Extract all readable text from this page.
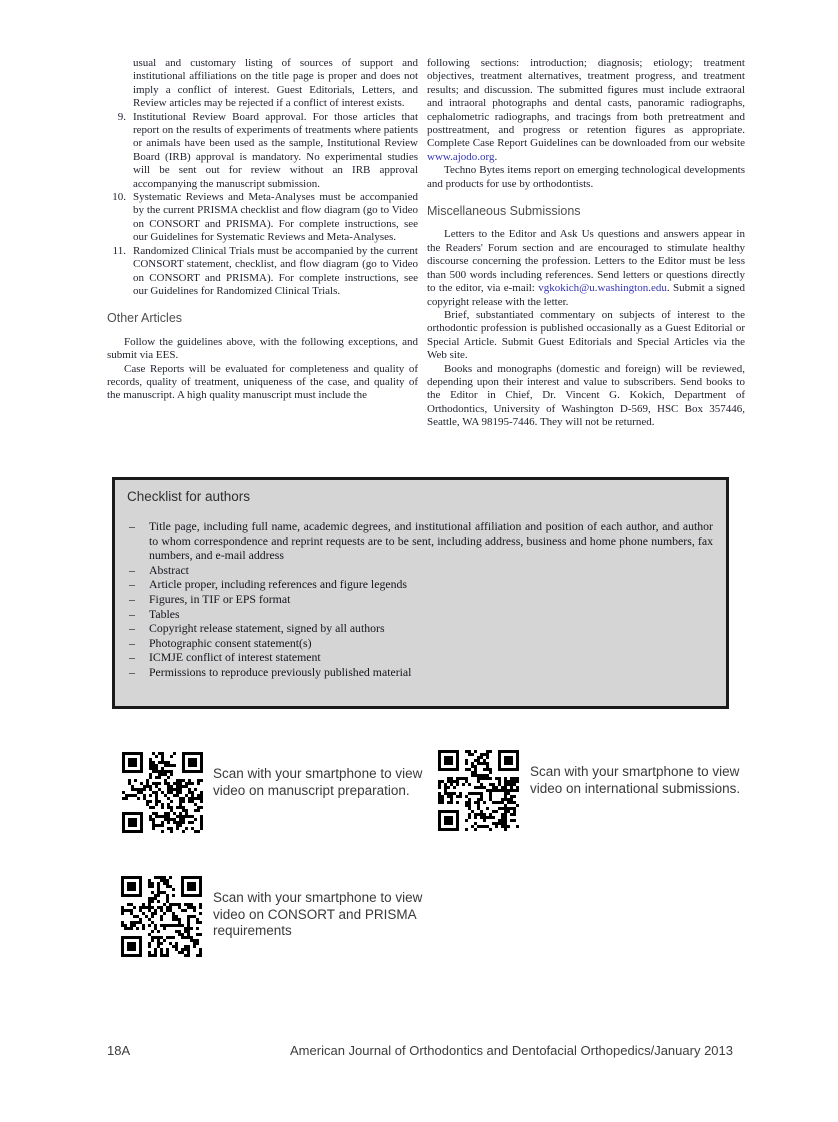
usual and customary listing of sources of support and institutional affiliations on the title page is proper and does not imply a conflict of interest. Guest Editorials, Letters, and Review articles may be rejected if a conflict of interest exists.
9. Institutional Review Board approval. For those articles that report on the results of experiments of treatments where patients or animals have been used as the sample, Institutional Review Board (IRB) approval is mandatory. No experimental studies will be sent out for review without an IRB approval accompanying the manuscript submission.
10. Systematic Reviews and Meta-Analyses must be accompanied by the current PRISMA checklist and flow diagram (go to Video on CONSORT and PRISMA). For complete instructions, see our Guidelines for Systematic Reviews and Meta-Analyses.
11. Randomized Clinical Trials must be accompanied by the current CONSORT statement, checklist, and flow diagram (go to Video on CONSORT and PRISMA). For complete instructions, see our Guidelines for Randomized Clinical Trials.
Other Articles

Follow the guidelines above, with the following exceptions, and submit via EES.

Case Reports will be evaluated for completeness and quality of records, quality of treatment, uniqueness of the case, and quality of the manuscript. A high quality manuscript must include the

following sections: introduction; diagnosis; etiology; treatment objectives, treatment alternatives, treatment progress, and treatment results; and discussion. The submitted figures must include extraoral and intraoral photographs and dental casts, panoramic radiographs, cephalometric radiographs, and tracings from both pretreatment and posttreatment, and progress or retention figures as appropriate. Complete Case Report Guidelines can be downloaded from our website www.ajodo.org.

Techno Bytes items report on emerging technological developments and products for use by orthodontists.

Miscellaneous Submissions

Letters to the Editor and Ask Us questions and answers appear in the Readers' Forum section and are encouraged to stimulate healthy discourse concerning the profession. Letters to the Editor must be less than 500 words including references. Send letters or questions directly to the editor, via e-mail: vgkokich@u.washington.edu. Submit a signed copyright release with the letter.

Brief, substantiated commentary on subjects of interest to the orthodontic profession is published occasionally as a Guest Editorial or Special Article. Submit Guest Editorials and Special Articles via the Web site.

Books and monographs (domestic and foreign) will be reviewed, depending upon their interest and value to subscribers. Send books to the Editor in Chief, Dr. Vincent G. Kokich, Department of Orthodontics, University of Washington D-569, HSC Box 357446, Seattle, WA 98195-7446. They will not be returned.

Checklist for authors
– Title page, including full name, academic degrees, and institutional affiliation and position of each author, and author to whom correspondence and reprint requests are to be sent, including address, business and home phone numbers, fax numbers, and e-mail address
– Abstract
– Article proper, including references and figure legends
– Figures, in TIF or EPS format
– Tables
– Copyright release statement, signed by all authors
– Photographic consent statement(s)
– ICMJE conflict of interest statement
– Permissions to reproduce previously published material
Scan with your smartphone to view video on manuscript preparation.
Scan with your smartphone to view video on international submissions.
Scan with your smartphone to view video on CONSORT and PRISMA requirements
18A	American Journal of Orthodontics and Dentofacial Orthopedics/January 2013
